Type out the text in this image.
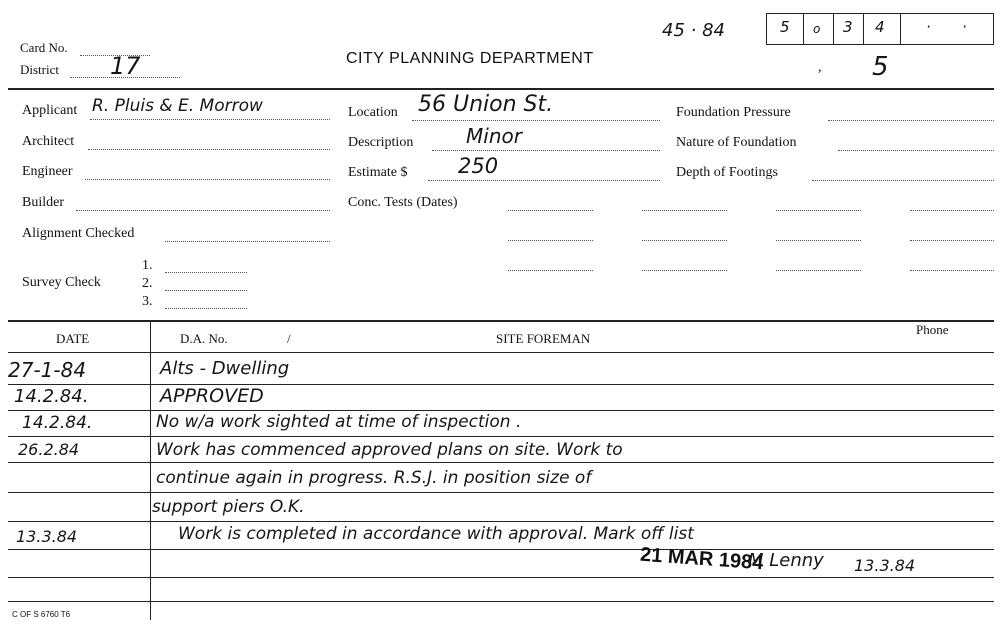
Card No.
District 17	CITY PLANNING DEPARTMENT
45 · 84	5 o 3 4	· ·
5
,
Applicant R. Pluis & E. Morrow
Architect
Engineer
Builder
Alignment Checked
Survey Check
1.
2.
3.
Location 56 Union St.
Description	Minor
Estimate $ 250
Conc. Tests (Dates)
Foundation Pressure
Nature of Foundation
Depth of Footings
DATE	D.A. No.	/	SITE FOREMAN
Phone
27-1-84	Alts - Dwelling
14.2.84.	APPROVED
14.2.84.	No w/a work sighted at time of inspection .
26.2.84	Work has commenced approved plans on site. Work to
continue again in progress. R.S.J. in position size of
support piers O.K.
13.3.84	Work is completed in accordance with approval. Mark off list
21 MAR 1984
M Lenny 13.3.84
C OF S 6760 T6
